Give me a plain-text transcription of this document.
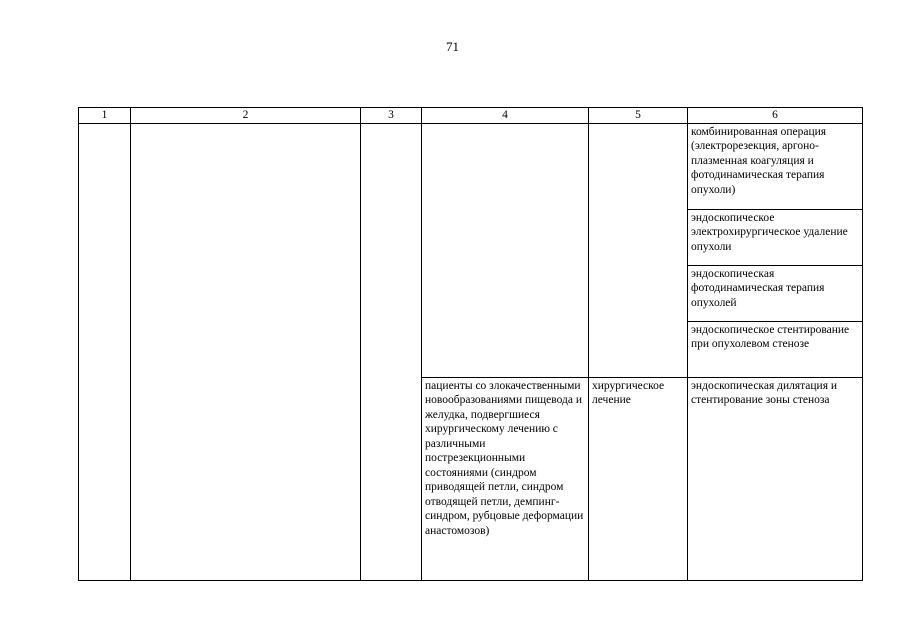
71
1	2	3	4	5	6
					комбинированная операция (электрорезекция, аргоно-плазменная коагуляция и фотодинамическая терапия опухоли)
					эндоскопическое электрохирургическое удаление опухоли
					эндоскопическая фотодинамическая терапия опухолей
					эндоскопическое стентирование при опухолевом стенозе
			пациенты со злокачественными новообразованиями пищевода и желудка, подвергшиеся хирургическому лечению с различными пострезекционными состояниями (синдром приводящей петли, синдром отводящей петли, демпинг-синдром, рубцовые деформации анастомозов)	хирургическое лечение	эндоскопическая дилятация и стентирование зоны стеноза
